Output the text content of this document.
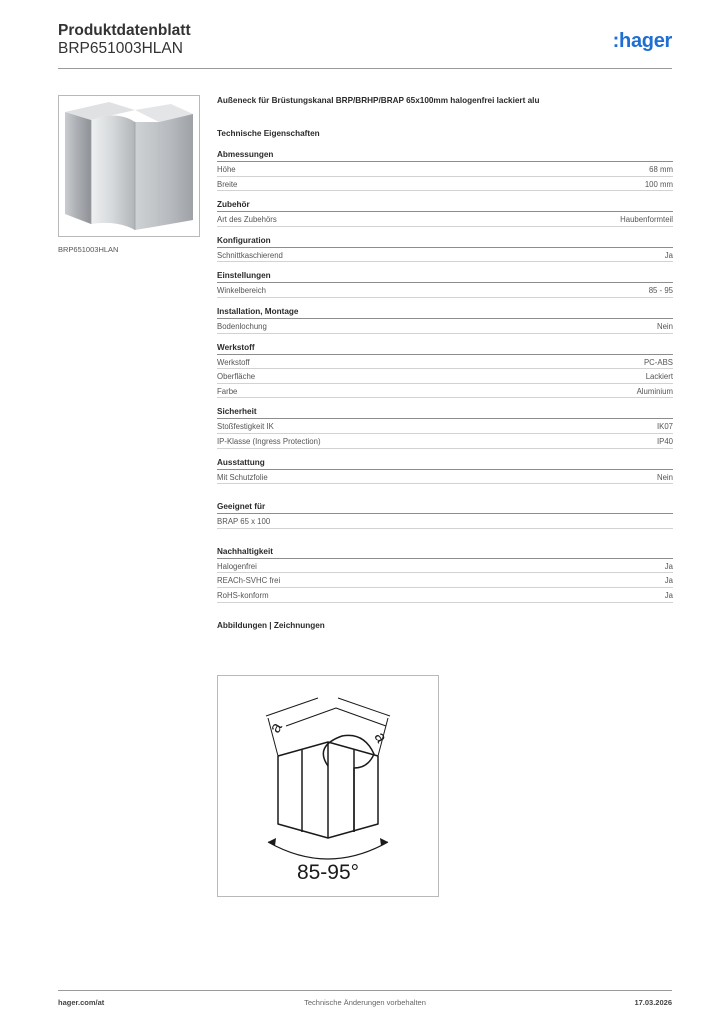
Produktdatenblatt
BRP651003HLAN	:hager
BRP651003HLAN
Außeneck für Brüstungskanal BRP/BRHP/BRAP 65x100mm halogenfrei lackiert alu
Technische Eigenschaften
Abmessungen
Höhe	68 mm
Breite	100 mm
Zubehör
Art des Zubehörs	Haubenformteil
Konfiguration
Schnittkaschierend	Ja
Einstellungen
Winkelbereich	85 - 95
Installation, Montage
Bodenlochung	Nein
Werkstoff
Werkstoff	PC-ABS
Oberfläche	Lackiert
Farbe	Aluminium
Sicherheit
Stoßfestigkeit IK	IK07
IP-Klasse (Ingress Protection)	IP40
Ausstattung
Mit Schutzfolie	Nein
Geeignet für
BRAP 65 x 100
Nachhaltigkeit
Halogenfrei	Ja
REACh-SVHC frei	Ja
RoHS-konform	Ja
Abbildungen | Zeichnungen
a
a
85-95°
hager.com/at	Technische Änderungen vorbehalten	17.03.2026
